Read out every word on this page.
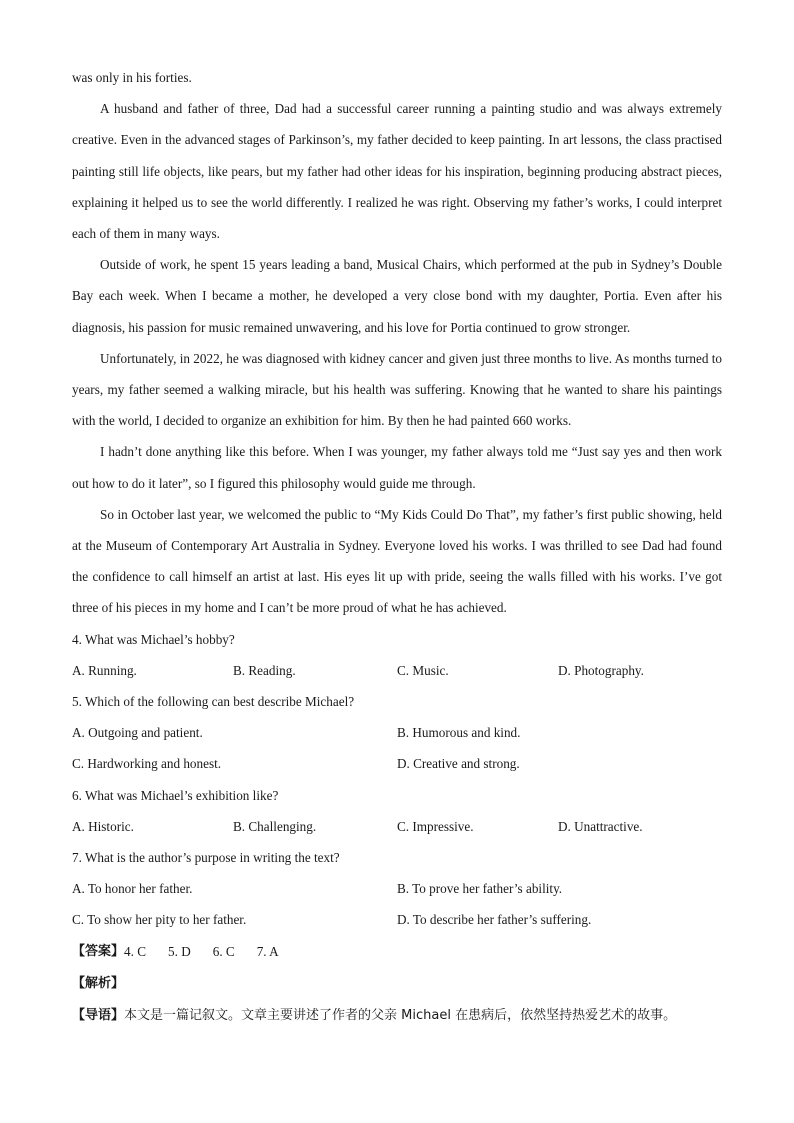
was only in his forties.

A husband and father of three, Dad had a successful career running a painting studio and was always extremely creative. Even in the advanced stages of Parkinson’s, my father decided to keep painting. In art lessons, the class practised painting still life objects, like pears, but my father had other ideas for his inspiration, beginning producing abstract pieces, explaining it helped us to see the world differently. I realized he was right. Observing my father’s works, I could interpret each of them in many ways.

Outside of work, he spent 15 years leading a band, Musical Chairs, which performed at the pub in Sydney’s Double Bay each week. When I became a mother, he developed a very close bond with my daughter, Portia. Even after his diagnosis, his passion for music remained unwavering, and his love for Portia continued to grow stronger.

Unfortunately, in 2022, he was diagnosed with kidney cancer and given just three months to live. As months turned to years, my father seemed a walking miracle, but his health was suffering. Knowing that he wanted to share his paintings with the world, I decided to organize an exhibition for him. By then he had painted 660 works.

I hadn’t done anything like this before. When I was younger, my father always told me “Just say yes and then work out how to do it later”, so I figured this philosophy would guide me through.

So in October last year, we welcomed the public to “My Kids Could Do That”, my father’s first public showing, held at the Museum of Contemporary Art Australia in Sydney. Everyone loved his works. I was thrilled to see Dad had found the confidence to call himself an artist at last. His eyes lit up with pride, seeing the walls filled with his works. I’ve got three of his pieces in my home and I can’t be more proud of what he has achieved.

4. What was Michael’s hobby?

A. Running.	B. Reading.	C. Music.	D. Photography.

5. Which of the following can best describe Michael?

A. Outgoing and patient.	B. Humorous and kind.
C. Hardworking and honest.	D. Creative and strong.

6. What was Michael’s exhibition like?

A. Historic.	B. Challenging.	C. Impressive.	D. Unattractive.

7. What is the author’s purpose in writing the text?

A. To honor her father.	B. To prove her father’s ability.
C. To show her pity to her father.	D. To describe her father’s suffering.
【答案】 4. C 5. D 6. C 7. A

【解析】

【导语】本文是一篇记叙文。文章主要讲述了作者的父亲 Michael 在患病后，依然坚持热爱艺术的故事。
